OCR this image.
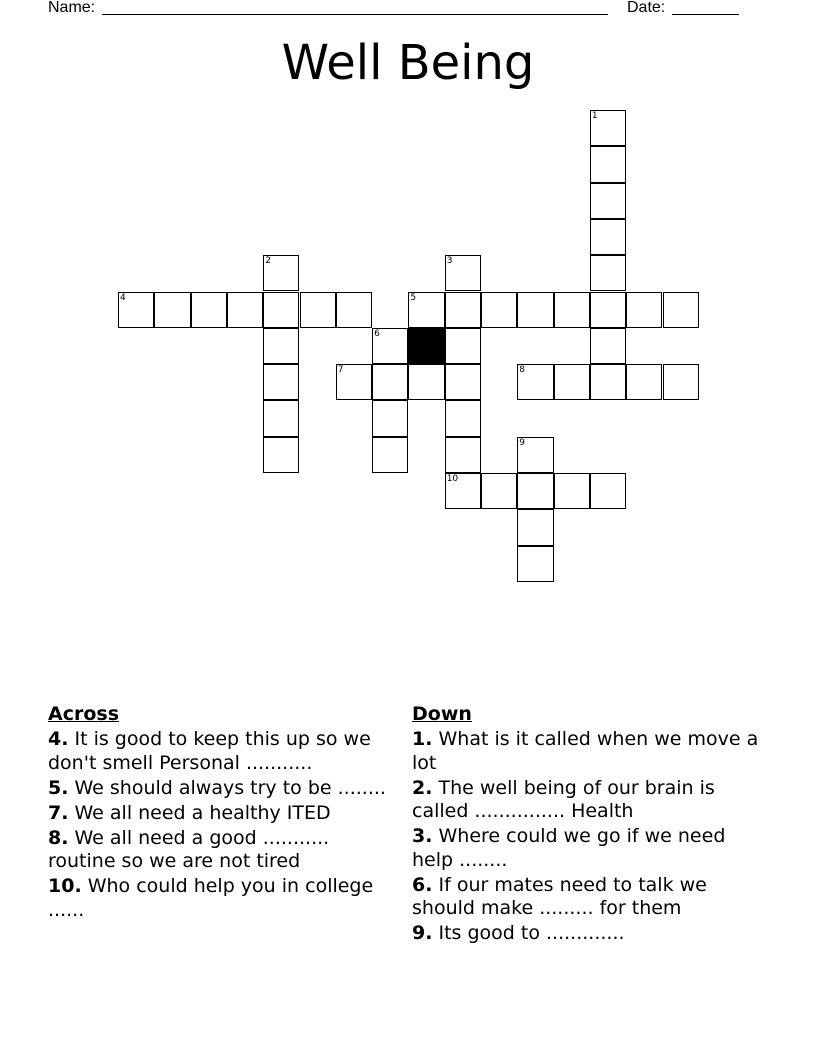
Name:	Date:
Well Being
1
2	3
10
4	5
6
7	8
9
Across
4. It is good to keep this up so we don't smell Personal ...........
5. We should always try to be ........
7. We all need a healthy ITED
8. We all need a good ........... routine so we are not tired
10. Who could help you in college ......
Down
1. What is it called when we move a lot
2. The well being of our brain is called ............... Health
3. Where could we go if we need help ........
6. If our mates need to talk we should make ......... for them
9. Its good to .............
